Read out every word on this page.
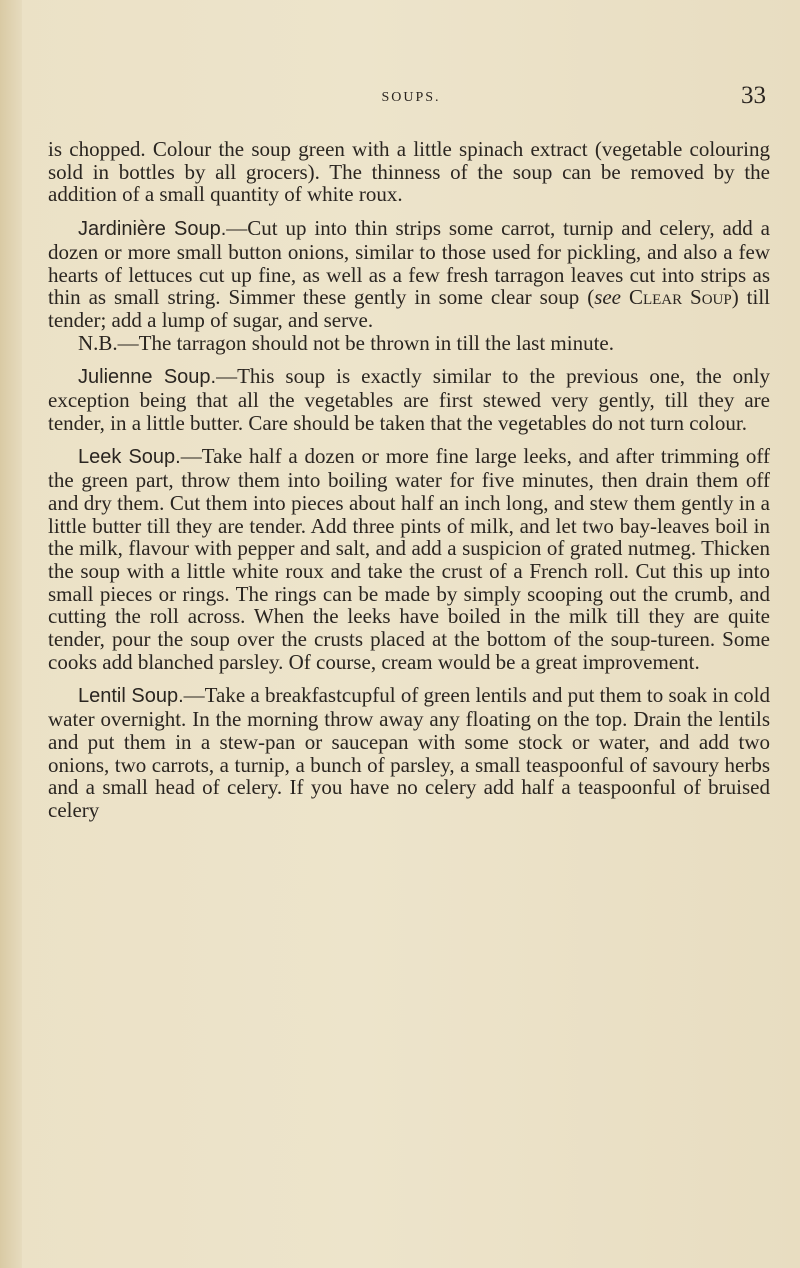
SOUPS.	33

is chopped. Colour the soup green with a little spinach extract (vegetable colouring sold in bottles by all grocers). The thinness of the soup can be removed by the addition of a small quantity of white roux.

Jardinière Soup.—Cut up into thin strips some carrot, turnip and celery, add a dozen or more small button onions, similar to those used for pickling, and also a few hearts of lettuces cut up fine, as well as a few fresh tarragon leaves cut into strips as thin as small string. Simmer these gently in some clear soup (see Clear Soup) till tender; add a lump of sugar, and serve.

N.B.—The tarragon should not be thrown in till the last minute.

Julienne Soup.—This soup is exactly similar to the previous one, the only exception being that all the vegetables are first stewed very gently, till they are tender, in a little butter. Care should be taken that the vegetables do not turn colour.

Leek Soup.—Take half a dozen or more fine large leeks, and after trimming off the green part, throw them into boiling water for five minutes, then drain them off and dry them. Cut them into pieces about half an inch long, and stew them gently in a little butter till they are tender. Add three pints of milk, and let two bay-leaves boil in the milk, flavour with pepper and salt, and add a suspicion of grated nutmeg. Thicken the soup with a little white roux and take the crust of a French roll. Cut this up into small pieces or rings. The rings can be made by simply scooping out the crumb, and cutting the roll across. When the leeks have boiled in the milk till they are quite tender, pour the soup over the crusts placed at the bottom of the soup-tureen. Some cooks add blanched parsley. Of course, cream would be a great improvement.

Lentil Soup.—Take a breakfastcupful of green lentils and put them to soak in cold water overnight. In the morning throw away any floating on the top. Drain the lentils and put them in a stew-pan or saucepan with some stock or water, and add two onions, two carrots, a turnip, a bunch of parsley, a small teaspoonful of savoury herbs and a small head of celery. If you have no celery add half a teaspoonful of bruised celery
